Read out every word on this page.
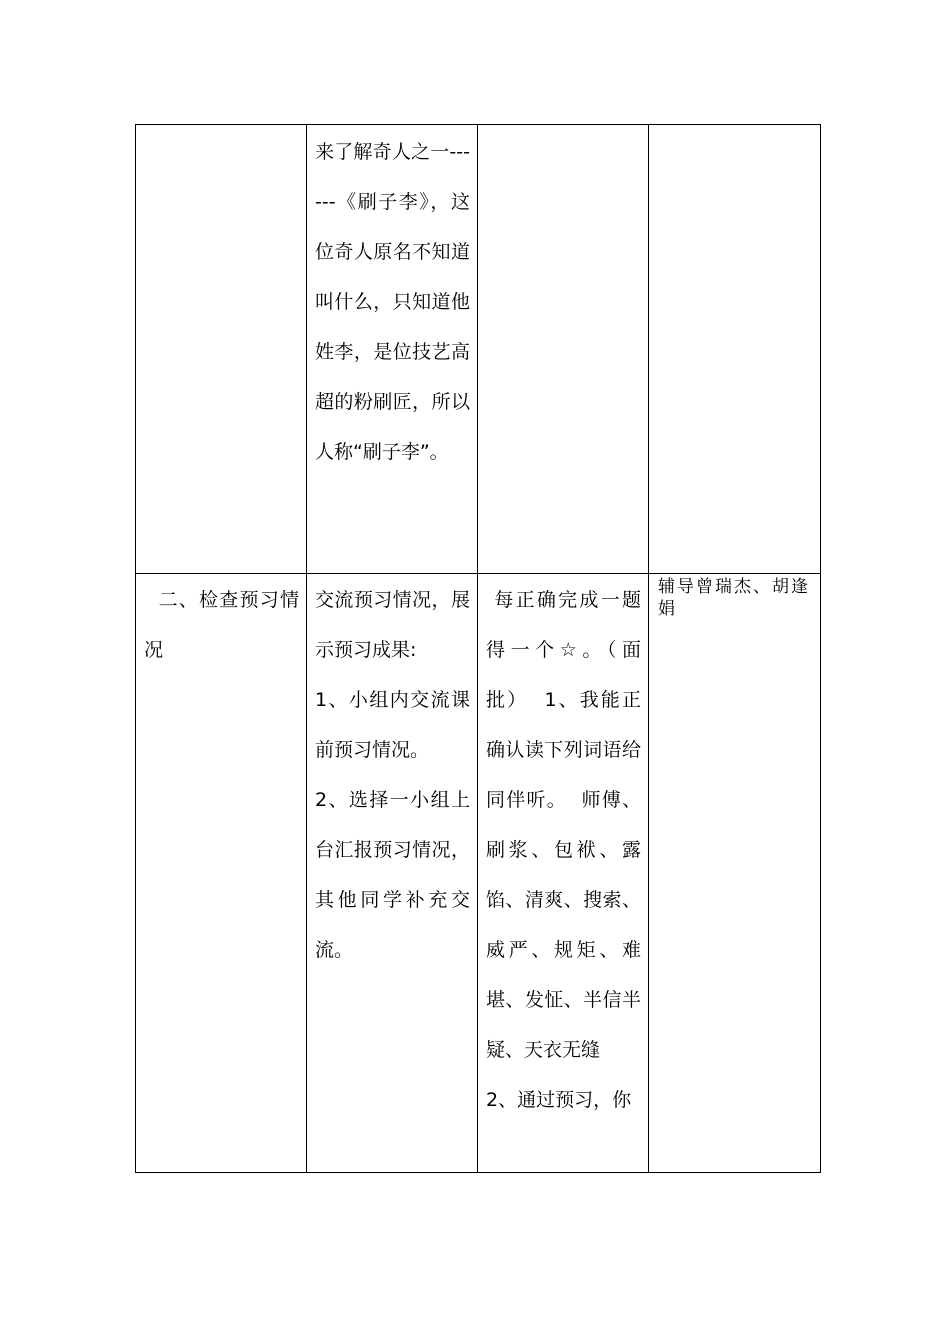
	来了解奇人之一------《刷子李》，这位奇人原名不知道叫什么，只知道他姓李，是位技艺高超的粉刷匠，所以人称“刷子李”。		

二、检查预习情况	交流预习情况，展示预习成果:
1、小组内交流课前预习情况。
2、选择一小组上台汇报预习情况，其他同学补充交流。	每正确完成一题得一个☆。（面批）  1、我能正确认读下列词语给同伴听。  师傅、刷浆、包袱、露馅、清爽、搜索、威严、规矩、难堪、发怔、半信半疑、天衣无缝
2、通过预习，你	辅导曾瑞杰、胡逢娟
